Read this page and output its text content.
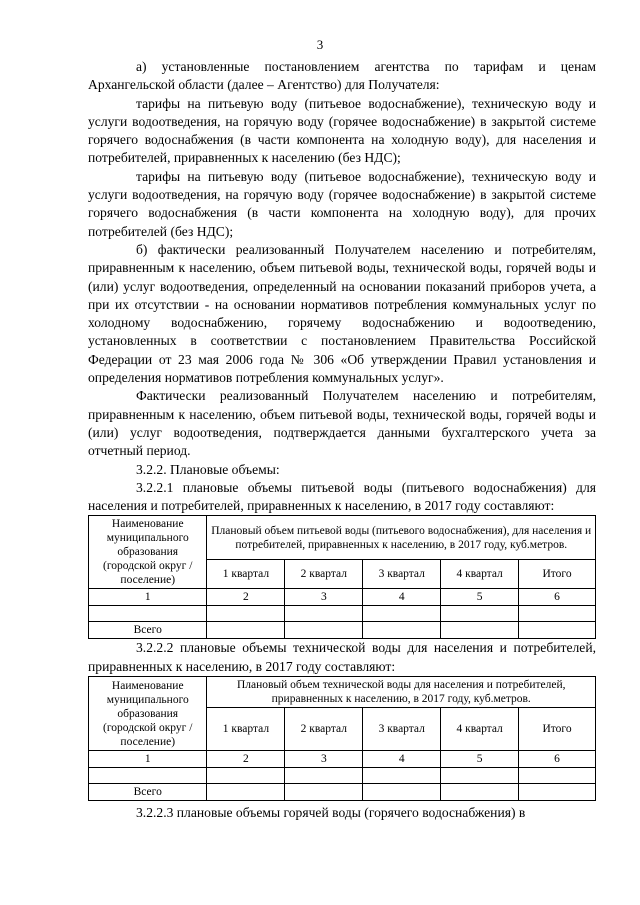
3

а) установленные постановлением агентства по тарифам и ценам Архангельской области (далее – Агентство) для Получателя:

тарифы на питьевую воду (питьевое водоснабжение), техническую воду и услуги водоотведения, на горячую воду (горячее водоснабжение) в закрытой системе горячего водоснабжения (в части компонента на холодную воду), для населения и потребителей, приравненных к населению (без НДС);

тарифы на питьевую воду (питьевое водоснабжение), техническую воду и услуги водоотведения, на горячую воду (горячее водоснабжение) в закрытой системе горячего водоснабжения (в части компонента на холодную воду), для прочих потребителей (без НДС);

б) фактически реализованный Получателем населению и потребителям, приравненным к населению, объем питьевой воды, технической воды, горячей воды и (или) услуг водоотведения, определенный на основании показаний приборов учета, а при их отсутствии - на основании нормативов потребления коммунальных услуг по холодному водоснабжению, горячему водоснабжению и водоотведению, установленных в соответствии с постановлением Правительства Российской Федерации от 23 мая 2006 года № 306 «Об утверждении Правил установления и определения нормативов потребления коммунальных услуг».

Фактически реализованный Получателем населению и потребителям, приравненным к населению, объем питьевой воды, технической воды, горячей воды и (или) услуг водоотведения, подтверждается данными бухгалтерского учета за отчетный период.

3.2.2. Плановые объемы:

3.2.2.1 плановые объемы питьевой воды (питьевого водоснабжения) для населения и потребителей, приравненных к населению, в 2017 году составляют:

Наименование муниципального образования (городской округ / поселение)	Плановый объем питьевой воды (питьевого водоснабжения), для населения и потребителей, приравненных к населению, в 2017 году, куб.метров.				
	1 квартал	2 квартал	3 квартал	4 квартал	Итого
1	2	3	4	5	6

Всего					

3.2.2.2 плановые объемы технической воды для населения и потребителей, приравненных к населению, в 2017 году составляют:

Наименование муниципального образования (городской округ / поселение)	Плановый объем технической воды для населения и потребителей, приравненных к населению, в 2017 году, куб.метров.				
	1 квартал	2 квартал	3 квартал	4 квартал	Итого
1	2	3	4	5	6

Всего					

3.2.2.3 плановые объемы горячей воды (горячего водоснабжения) в
